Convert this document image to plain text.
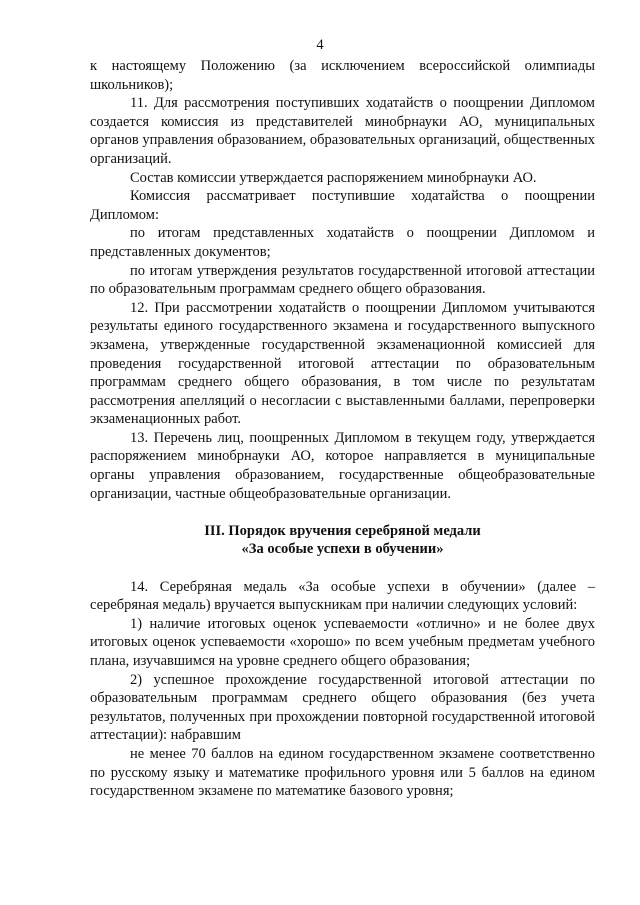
4

к настоящему Положению (за исключением всероссийской олимпиады школьников);

11. Для рассмотрения поступивших ходатайств о поощрении Дипломом создается комиссия из представителей минобрнауки АО, муниципальных органов управления образованием, образовательных организаций, общественных организаций.

Состав комиссии утверждается распоряжением минобрнауки АО.

Комиссия рассматривает поступившие ходатайства о поощрении Дипломом:

по итогам представленных ходатайств о поощрении Дипломом и представленных документов;

по итогам утверждения результатов государственной итоговой аттестации по образовательным программам среднего общего образования.

12. При рассмотрении ходатайств о поощрении Дипломом учитываются результаты единого государственного экзамена и государственного выпускного экзамена, утвержденные государственной экзаменационной комиссией для проведения государственной итоговой аттестации по образовательным программам среднего общего образования, в том числе по результатам рассмотрения апелляций о несогласии с выставленными баллами, перепроверки экзаменационных работ.

13. Перечень лиц, поощренных Дипломом в текущем году, утверждается распоряжением минобрнауки АО, которое направляется в муниципальные органы управления образованием, государственные общеобразовательные организации, частные общеобразовательные организации.

III. Порядок вручения серебряной медали

«За особые успехи в обучении»

14. Серебряная медаль «За особые успехи в обучении» (далее – серебряная медаль) вручается выпускникам при наличии следующих условий:

1) наличие итоговых оценок успеваемости «отлично» и не более двух итоговых оценок успеваемости «хорошо» по всем учебным предметам учебного плана, изучавшимся на уровне среднего общего образования;

2) успешное прохождение государственной итоговой аттестации по образовательным программам среднего общего образования (без учета результатов, полученных при прохождении повторной государственной итоговой аттестации): набравшим

не менее 70 баллов на едином государственном экзамене соответственно по русскому языку и математике профильного уровня или 5 баллов на едином государственном экзамене по математике базового уровня;
